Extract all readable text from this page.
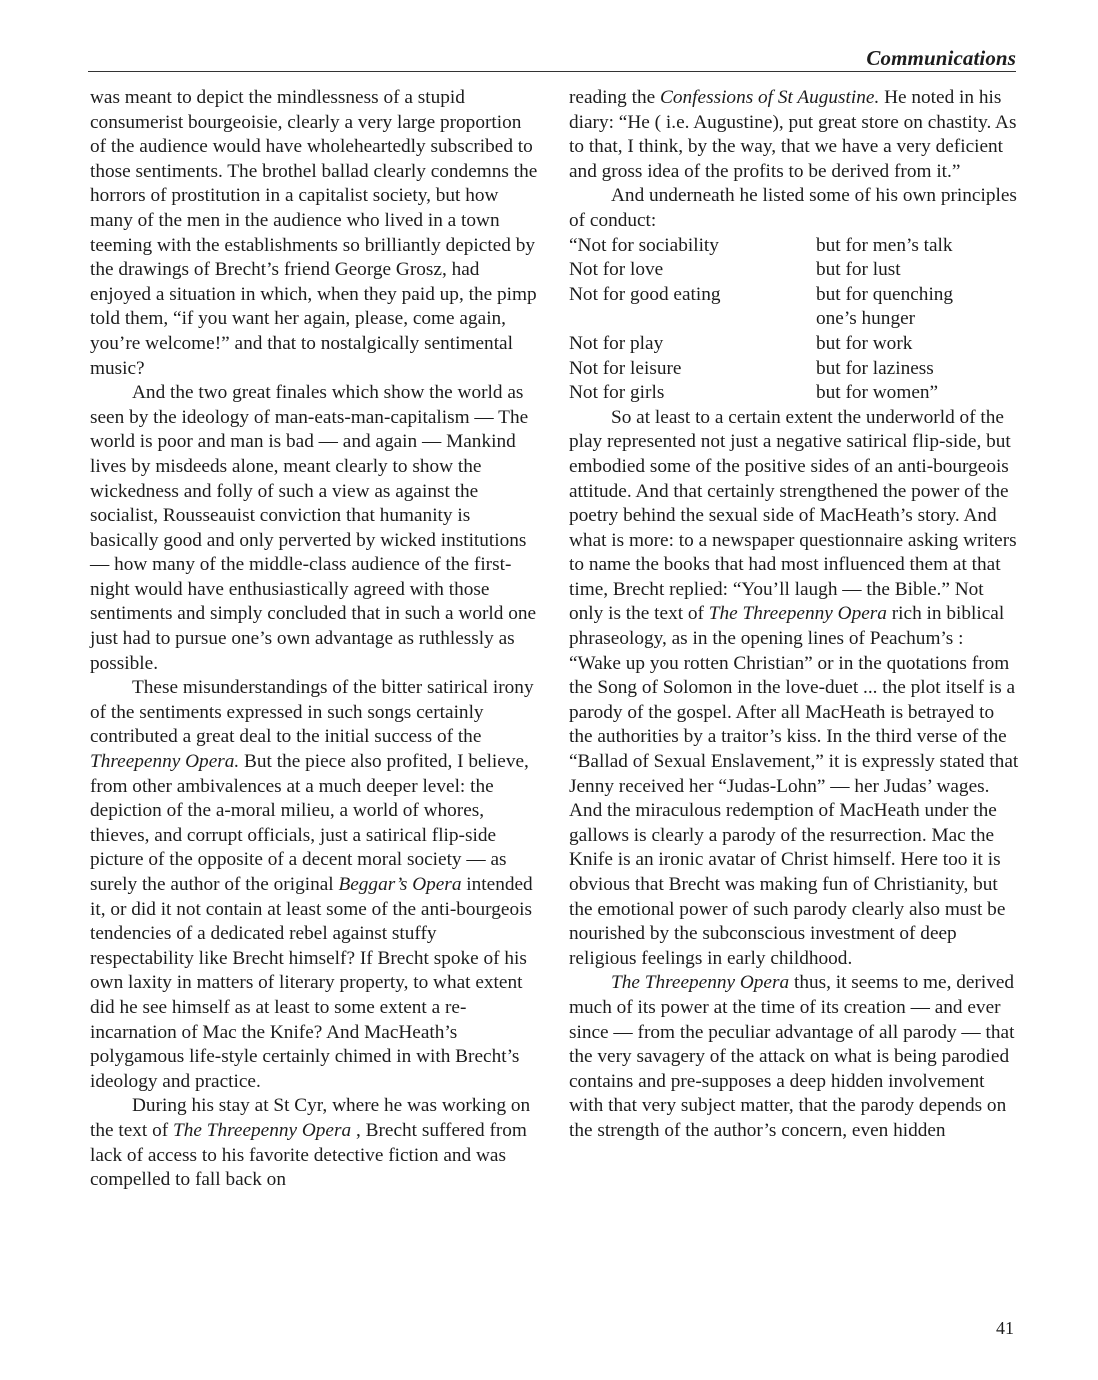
Communications

was meant to depict the mindlessness of a stupid consumerist bourgeoisie, clearly a very large proportion of the audience would have wholeheartedly subscribed to those sentiments. The brothel ballad clearly condemns the horrors of prostitution in a capitalist society, but how many of the men in the audience who lived in a town teeming with the establishments so brilliantly depicted by the drawings of Brecht’s friend George Grosz, had enjoyed a situation in which, when they paid up, the pimp told them, “if you want her again, please, come again, you’re welcome!” and that to nostalgically sentimental music?

And the two great finales which show the world as seen by the ideology of man-eats-man-capitalism — The world is poor and man is bad — and again — Mankind lives by misdeeds alone, meant clearly to show the wickedness and folly of such a view as against the socialist, Rousseauist conviction that humanity is basically good and only perverted by wicked institutions — how many of the middle-class audience of the first-night would have enthusiastically agreed with those sentiments and simply concluded that in such a world one just had to pursue one’s own advantage as ruthlessly as possible.

These misunderstandings of the bitter satirical irony of the sentiments expressed in such songs certainly contributed a great deal to the initial success of the Threepenny Opera. But the piece also profited, I believe, from other ambivalences at a much deeper level: the depiction of the a-moral milieu, a world of whores, thieves, and corrupt officials, just a satirical flip-side picture of the opposite of a decent moral society — as surely the author of the original Beggar’s Opera intended it, or did it not contain at least some of the anti-bourgeois tendencies of a dedicated rebel against stuffy respectability like Brecht himself? If Brecht spoke of his own laxity in matters of literary property, to what extent did he see himself as at least to some extent a re-incarnation of Mac the Knife? And MacHeath’s polygamous life-style certainly chimed in with Brecht’s ideology and practice.

During his stay at St Cyr, where he was working on the text of The Threepenny Opera , Brecht suffered from lack of access to his favorite detective fiction and was compelled to fall back on

reading the Confessions of St Augustine. He noted in his diary: “He ( i.e. Augustine), put great store on chastity. As to that, I think, by the way, that we have a very deficient and gross idea of the profits to be derived from it.”

And underneath he listed some of his own principles of conduct:

“Not for sociability	but for men’s talk
Not for love	but for lust
Not for good eating	but for quenching
one’s hunger
Not for play	but for work
Not for leisure	but for laziness
Not for girls	but for women”

So at least to a certain extent the underworld of the play represented not just a negative satirical flip-side, but embodied some of the positive sides of an anti-bourgeois attitude. And that certainly strengthened the power of the poetry behind the sexual side of MacHeath’s story. And what is more: to a newspaper questionnaire asking writers to name the books that had most influenced them at that time, Brecht replied: “You’ll laugh — the Bible.” Not only is the text of The Threepenny Opera rich in biblical phraseology, as in the opening lines of Peachum’s : “Wake up you rotten Christian” or in the quotations from the Song of Solomon in the love-duet ... the plot itself is a parody of the gospel. After all MacHeath is betrayed to the authorities by a traitor’s kiss. In the third verse of the “Ballad of Sexual Enslavement,” it is expressly stated that Jenny received her “Judas-Lohn” — her Judas’ wages. And the miraculous redemption of MacHeath under the gallows is clearly a parody of the resurrection. Mac the Knife is an ironic avatar of Christ himself. Here too it is obvious that Brecht was making fun of Christianity, but the emotional power of such parody clearly also must be nourished by the subconscious investment of deep religious feelings in early childhood.

The Threepenny Opera thus, it seems to me, derived much of its power at the time of its creation — and ever since — from the peculiar advantage of all parody — that the very savagery of the attack on what is being parodied contains and pre-supposes a deep hidden involvement with that very subject matter, that the parody depends on the strength of the author’s concern, even hidden

41
